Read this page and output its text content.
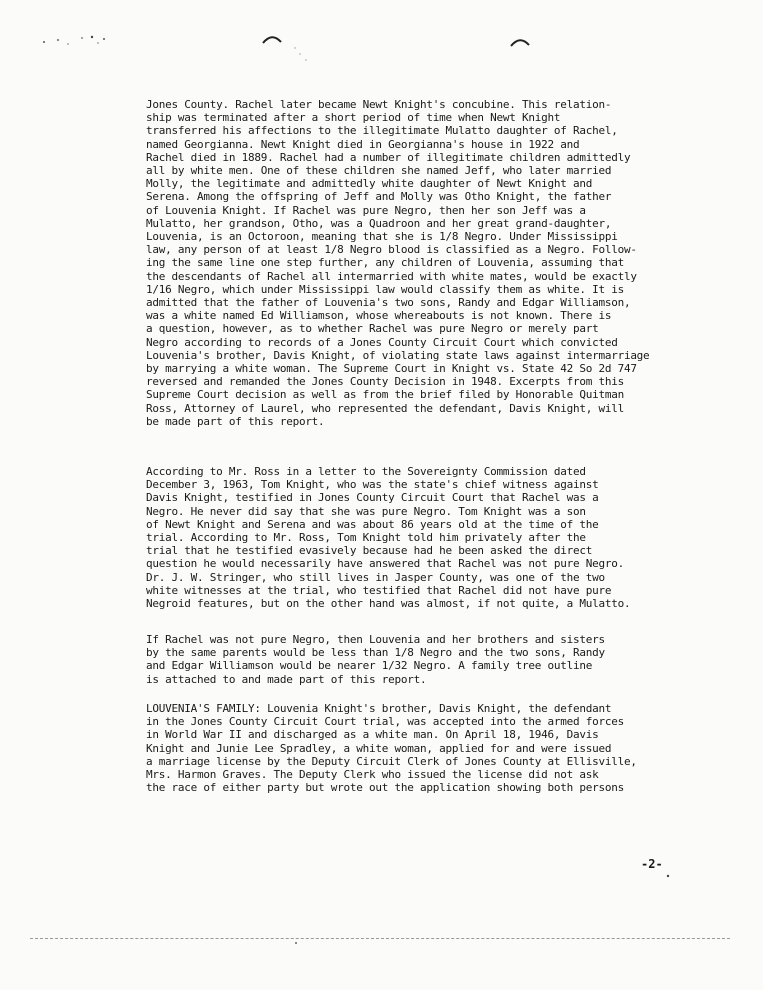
Jones County. Rachel later became Newt Knight's concubine. This relation-
ship was terminated after a short period of time when Newt Knight
transferred his affections to the illegitimate Mulatto daughter of Rachel,
named Georgianna. Newt Knight died in Georgianna's house in 1922 and
Rachel died in 1889. Rachel had a number of illegitimate children admittedly
all by white men. One of these children she named Jeff, who later married
Molly, the legitimate and admittedly white daughter of Newt Knight and
Serena. Among the offspring of Jeff and Molly was Otho Knight, the father
of Louvenia Knight. If Rachel was pure Negro, then her son Jeff was a
Mulatto, her grandson, Otho, was a Quadroon and her great grand-daughter,
Louvenia, is an Octoroon, meaning that she is 1/8 Negro. Under Mississippi
law, any person of at least 1/8 Negro blood is classified as a Negro. Follow-
ing the same line one step further, any children of Louvenia, assuming that
the descendants of Rachel all intermarried with white mates, would be exactly
1/16 Negro, which under Mississippi law would classify them as white. It is
admitted that the father of Louvenia's two sons, Randy and Edgar Williamson,
was a white named Ed Williamson, whose whereabouts is not known. There is
a question, however, as to whether Rachel was pure Negro or merely part
Negro according to records of a Jones County Circuit Court which convicted
Louvenia's brother, Davis Knight, of violating state laws against intermarriage
by marrying a white woman. The Supreme Court in Knight vs. State 42 So 2d 747
reversed and remanded the Jones County Decision in 1948. Excerpts from this
Supreme Court decision as well as from the brief filed by Honorable Quitman
Ross, Attorney of Laurel, who represented the defendant, Davis Knight, will
be made part of this report.
According to Mr. Ross in a letter to the Sovereignty Commission dated
December 3, 1963, Tom Knight, who was the state's chief witness against
Davis Knight, testified in Jones County Circuit Court that Rachel was a
Negro. He never did say that she was pure Negro. Tom Knight was a son
of Newt Knight and Serena and was about 86 years old at the time of the
trial. According to Mr. Ross, Tom Knight told him privately after the
trial that he testified evasively because had he been asked the direct
question he would necessarily have answered that Rachel was not pure Negro.
Dr. J. W. Stringer, who still lives in Jasper County, was one of the two
white witnesses at the trial, who testified that Rachel did not have pure
Negroid features, but on the other hand was almost, if not quite, a Mulatto.
If Rachel was not pure Negro, then Louvenia and her brothers and sisters
by the same parents would be less than 1/8 Negro and the two sons, Randy
and Edgar Williamson would be nearer 1/32 Negro. A family tree outline
is attached to and made part of this report.
LOUVENIA'S FAMILY: Louvenia Knight's brother, Davis Knight, the defendant
in the Jones County Circuit Court trial, was accepted into the armed forces
in World War II and discharged as a white man. On April 18, 1946, Davis
Knight and Junie Lee Spradley, a white woman, applied for and were issued
a marriage license by the Deputy Circuit Clerk of Jones County at Ellisville,
Mrs. Harmon Graves. The Deputy Clerk who issued the license did not ask
the race of either party but wrote out the application showing both persons
-2-
